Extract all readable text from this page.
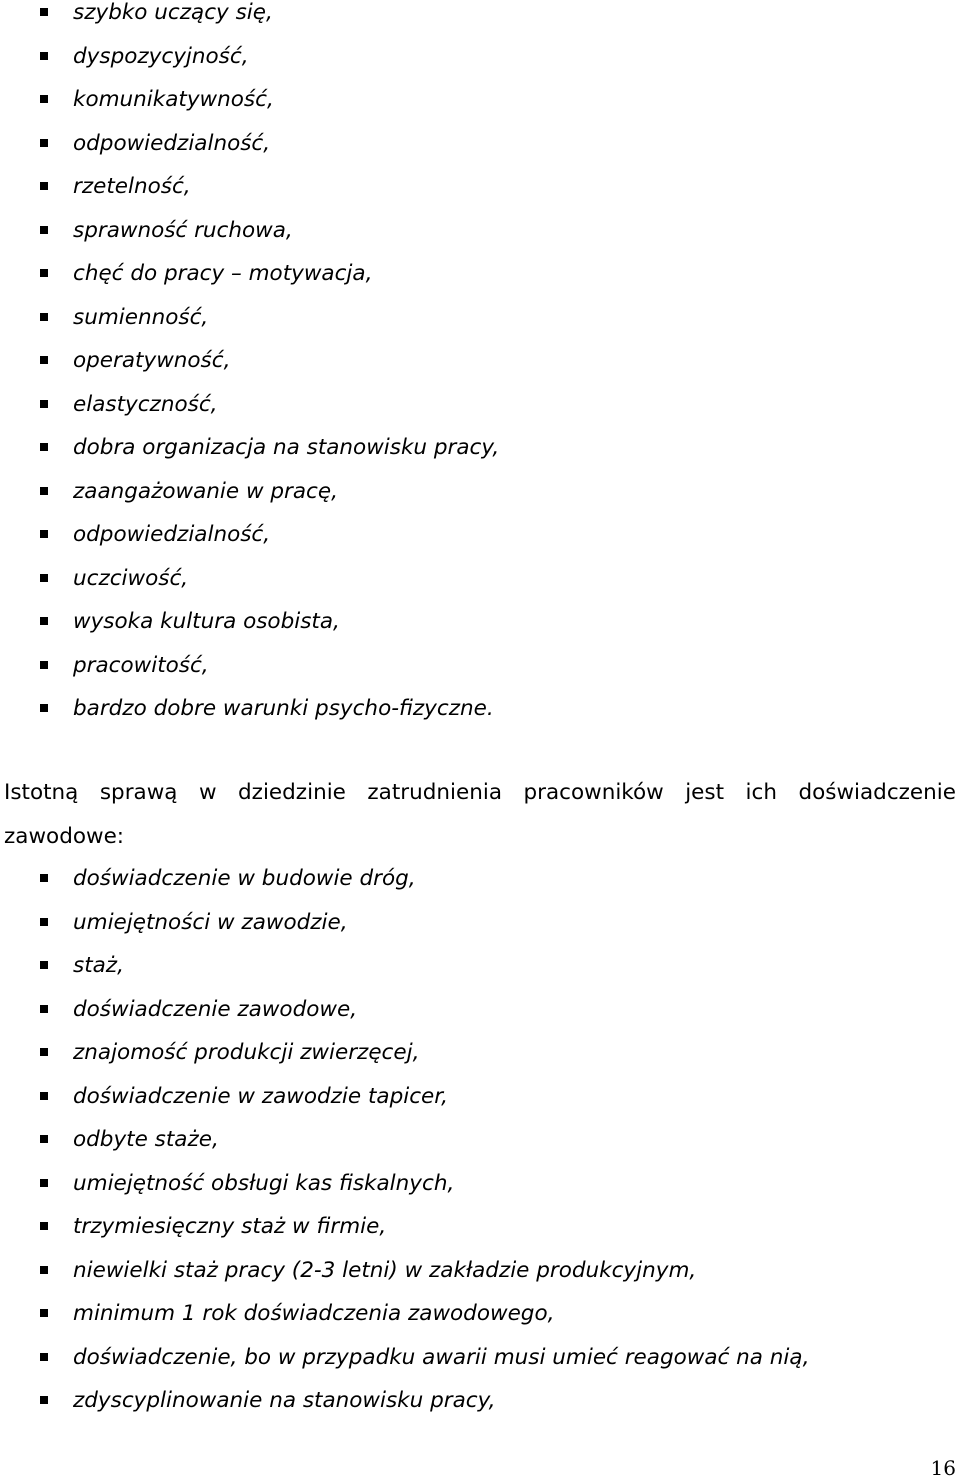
szybko uczący się,
dyspozycyjność,
komunikatywność,
odpowiedzialność,
rzetelność,
sprawność ruchowa,
chęć do pracy – motywacja,
sumienność,
operatywność,
elastyczność,
dobra organizacja na stanowisku pracy,
zaangażowanie w pracę,
odpowiedzialność,
uczciwość,
wysoka kultura osobista,
pracowitość,
bardzo dobre warunki psycho-fizyczne.

Istotną sprawą w dziedzinie zatrudnienia pracowników jest ich doświadczenie zawodowe:

doświadczenie w budowie dróg,
umiejętności w zawodzie,
staż,
doświadczenie zawodowe,
znajomość produkcji zwierzęcej,
doświadczenie w zawodzie tapicer,
odbyte staże,
umiejętność obsługi kas fiskalnych,
trzymiesięczny staż w firmie,
niewielki staż pracy (2-3 letni) w zakładzie produkcyjnym,
minimum 1 rok doświadczenia zawodowego,
doświadczenie, bo w przypadku awarii musi umieć reagować na nią,
zdyscyplinowanie na stanowisku pracy,
16
